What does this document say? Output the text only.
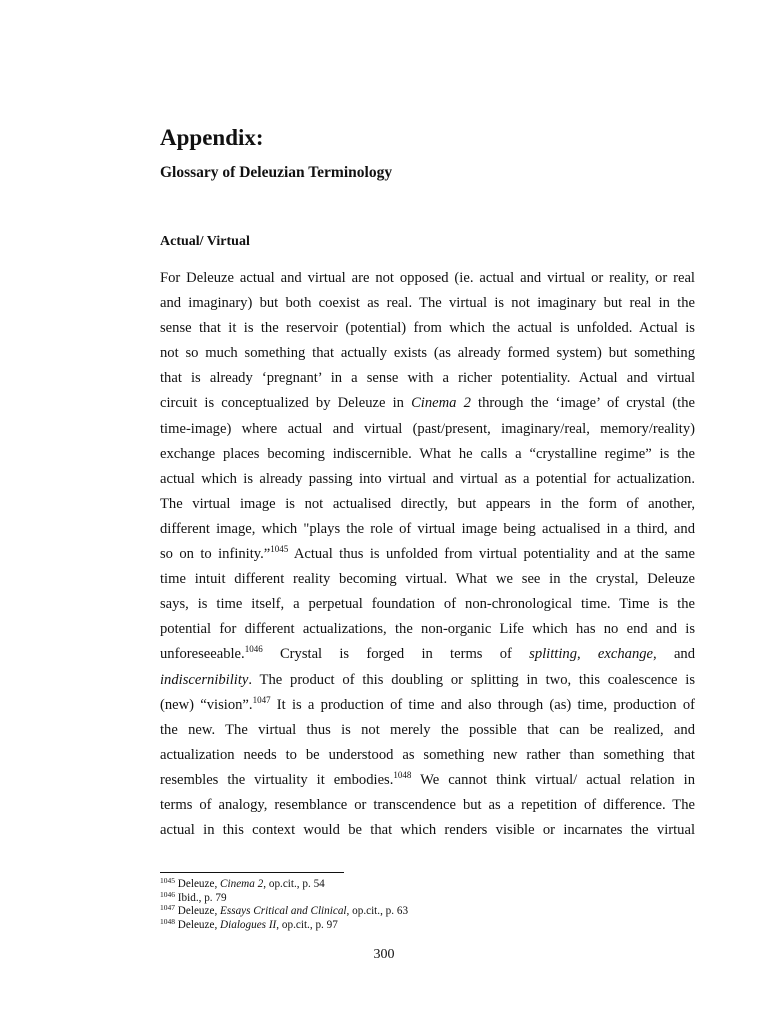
Appendix:
Glossary of Deleuzian Terminology
Actual/ Virtual
For Deleuze actual and virtual are not opposed (ie. actual and virtual or reality, or real
and imaginary) but both coexist as real. The virtual is not imaginary but real in the
sense that it is the reservoir (potential) from which the actual is unfolded. Actual is
not so much something that actually exists (as already formed system) but something
that is already ‘pregnant’ in a sense with a richer potentiality. Actual and virtual
circuit is conceptualized by Deleuze in Cinema 2 through the ‘image’ of crystal (the
time-image) where actual and virtual (past/present, imaginary/real, memory/reality)
exchange places becoming indiscernible. What he calls a “crystalline regime” is the
actual which is already passing into virtual and virtual as a potential for actualization.
The virtual image is not actualised directly, but appears in the form of another,
different image, which "plays the role of virtual image being actualised in a third, and
so on to infinity.”$^{1045}$ Actual thus is unfolded from virtual potentiality and at the same
time intuit different reality becoming virtual. What we see in the crystal, Deleuze
says, is time itself, a perpetual foundation of non-chronological time. Time is the
potential for different actualizations, the non-organic Life which has no end and is
unforeseeable.$^{1046}$ Crystal is forged in terms of splitting, exchange, and
indiscernibility. The product of this doubling or splitting in two, this coalescence is
(new) “vision”.$^{1047}$ It is a production of time and also through (as) time, production of
the new. The virtual thus is not merely the possible that can be realized, and
actualization needs to be understood as something new rather than something that
resembles the virtuality it embodies.$^{1048}$ We cannot think virtual/ actual relation in
terms of analogy, resemblance or transcendence but as a repetition of difference. The
actual in this context would be that which renders visible or incarnates the virtual
$^{1045}$ Deleuze, Cinema 2, op.cit., p. 54
$^{1046}$ Ibid., p. 79
$^{1047}$ Deleuze, Essays Critical and Clinical, op.cit., p. 63
$^{1048}$ Deleuze, Dialogues II, op.cit., p. 97
300
